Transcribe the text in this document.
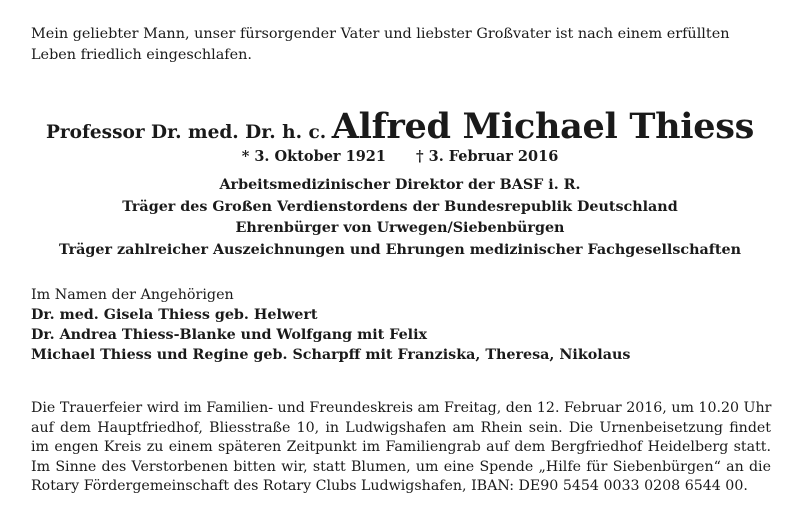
Mein geliebter Mann, unser fürsorgender Vater und liebster Großvater ist nach einem erfüllten
Leben friedlich eingeschlafen.
Professor Dr. med. Dr. h. c. Alfred Michael Thiess
* 3. Oktober 1921 † 3. Februar 2016
Arbeitsmedizinischer Direktor der BASF i. R.
Träger des Großen Verdienstordens der Bundesrepublik Deutschland
Ehrenbürger von Urwegen/Siebenbürgen
Träger zahlreicher Auszeichnungen und Ehrungen medizinischer Fachgesellschaften
Im Namen der Angehörigen
Dr. med. Gisela Thiess geb. Helwert
Dr. Andrea Thiess-Blanke und Wolfgang mit Felix
Michael Thiess und Regine geb. Scharpff mit Franziska, Theresa, Nikolaus
Die Trauerfeier wird im Familien- und Freundeskreis am Freitag, den 12. Februar 2016, um 10.20 Uhr
auf dem Hauptfriedhof, Bliesstraße 10, in Ludwigshafen am Rhein sein. Die Urnenbeisetzung findet
im engen Kreis zu einem späteren Zeitpunkt im Familiengrab auf dem Bergfriedhof Heidelberg statt.
Im Sinne des Verstorbenen bitten wir, statt Blumen, um eine Spende „Hilfe für Siebenbürgen“ an die
Rotary Fördergemeinschaft des Rotary Clubs Ludwigshafen, IBAN: DE90 5454 0033 0208 6544 00.
